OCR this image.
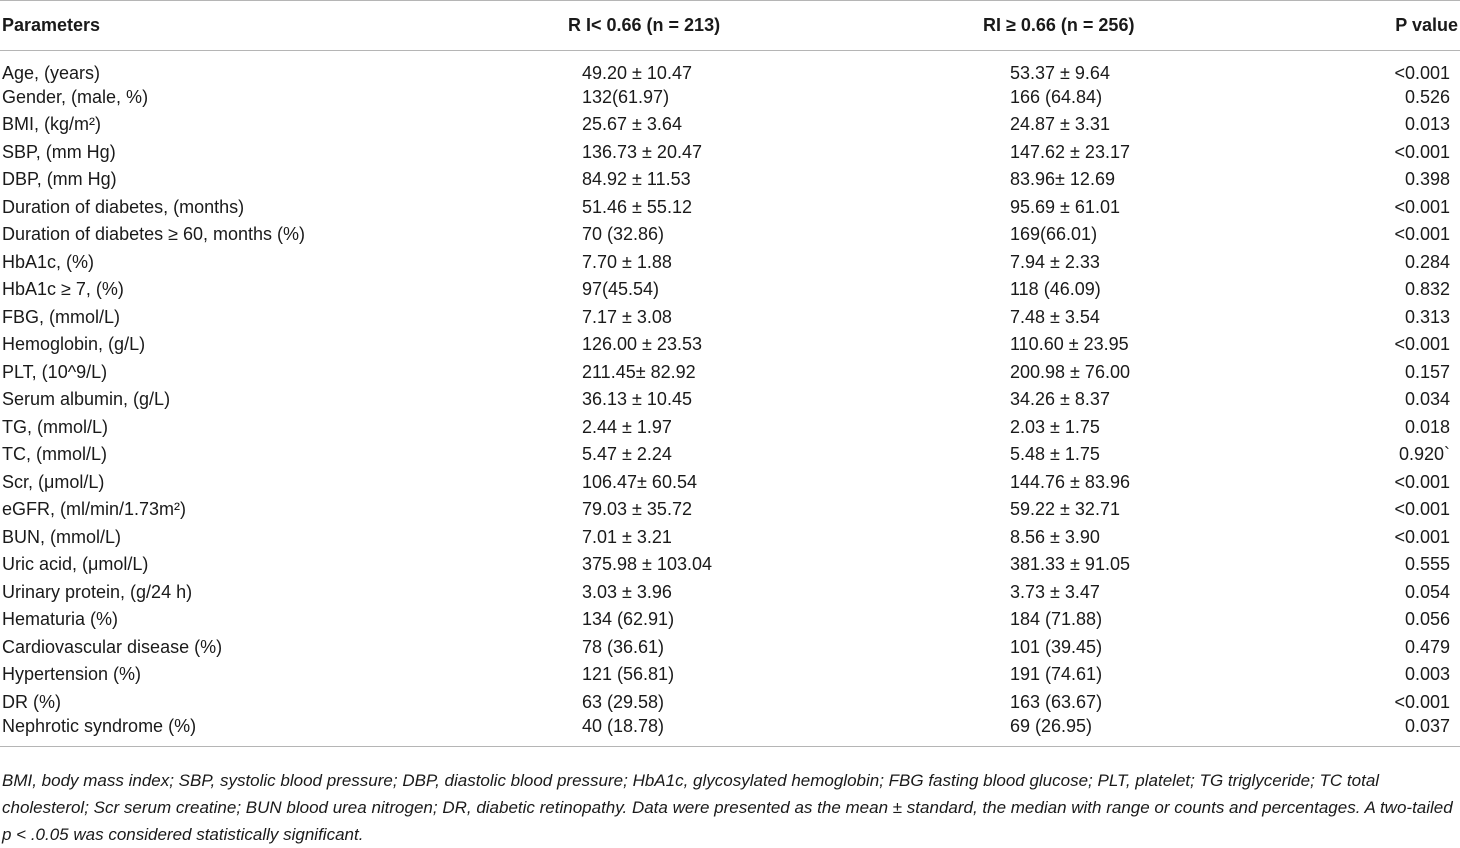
Parameters	R I< 0.66 (n = 213)	RI ≥ 0.66 (n = 256)	P value
Age, (years)	49.20 ± 10.47	53.37 ± 9.64	<0.001
Gender, (male, %)	132(61.97)	166 (64.84)	0.526
BMI, (kg/m²)	25.67 ± 3.64	24.87 ± 3.31	0.013
SBP, (mm Hg)	136.73 ± 20.47	147.62 ± 23.17	<0.001
DBP, (mm Hg)	84.92 ± 11.53	83.96± 12.69	0.398
Duration of diabetes, (months)	51.46 ± 55.12	95.69 ± 61.01	<0.001
Duration of diabetes ≥ 60, months (%)	70 (32.86)	169(66.01)	<0.001
HbA1c, (%)	7.70 ± 1.88	7.94 ± 2.33	0.284
HbA1c ≥ 7, (%)	97(45.54)	118 (46.09)	0.832
FBG, (mmol/L)	7.17 ± 3.08	7.48 ± 3.54	0.313
Hemoglobin, (g/L)	126.00 ± 23.53	110.60 ± 23.95	<0.001
PLT, (10^9/L)	211.45± 82.92	200.98 ± 76.00	0.157
Serum albumin, (g/L)	36.13 ± 10.45	34.26 ± 8.37	0.034
TG, (mmol/L)	2.44 ± 1.97	2.03 ± 1.75	0.018
TC, (mmol/L)	5.47 ± 2.24	5.48 ± 1.75	0.920`
Scr, (μmol/L)	106.47± 60.54	144.76 ± 83.96	<0.001
eGFR, (ml/min/1.73m²)	79.03 ± 35.72	59.22 ± 32.71	<0.001
BUN, (mmol/L)	7.01 ± 3.21	8.56 ± 3.90	<0.001
Uric acid, (μmol/L)	375.98 ± 103.04	381.33 ± 91.05	0.555
Urinary protein, (g/24 h)	3.03 ± 3.96	3.73 ± 3.47	0.054
Hematuria (%)	134 (62.91)	184 (71.88)	0.056
Cardiovascular disease (%)	78 (36.61)	101 (39.45)	0.479
Hypertension (%)	121 (56.81)	191 (74.61)	0.003
DR (%)	63 (29.58)	163 (63.67)	<0.001
Nephrotic syndrome (%)	40 (18.78)	69 (26.95)	0.037
BMI, body mass index; SBP, systolic blood pressure; DBP, diastolic blood pressure; HbA1c, glycosylated hemoglobin; FBG fasting blood glucose; PLT, platelet; TG triglyceride; TC total cholesterol; Scr serum creatine; BUN blood urea nitrogen; DR, diabetic retinopathy. Data were presented as the mean ± standard, the median with range or counts and percentages. A two-tailed p < .0.05 was considered statistically significant.
